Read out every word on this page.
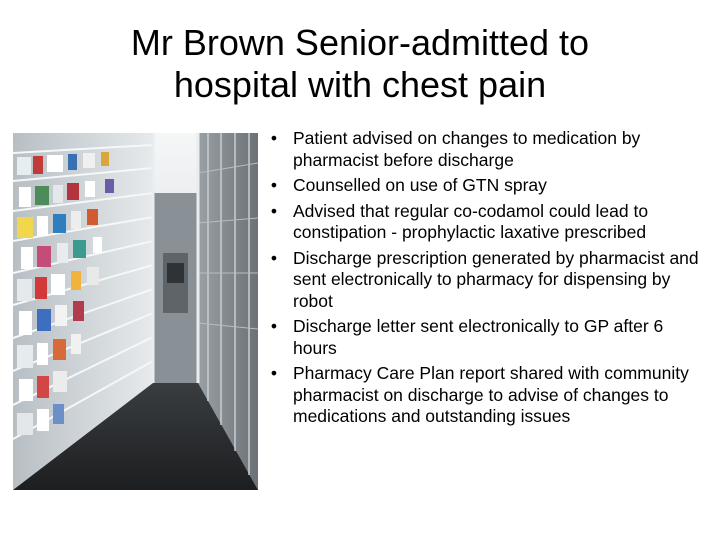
Mr Brown Senior-admitted to
hospital with chest pain
• Patient advised on changes to medication by pharmacist before discharge
• Counselled on use of GTN spray
• Advised that regular co-codamol could lead to constipation - prophylactic laxative prescribed
• Discharge prescription generated by pharmacist and sent electronically to pharmacy for dispensing by robot
• Discharge letter sent electronically to GP after 6 hours
• Pharmacy Care Plan report shared with community pharmacist on discharge to advise of changes to medications and outstanding issues
